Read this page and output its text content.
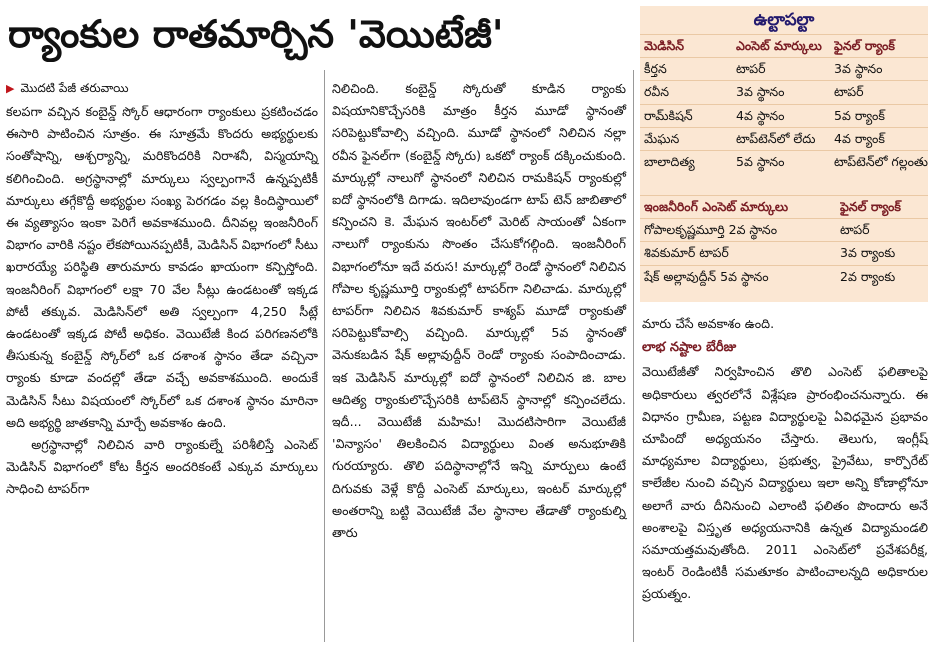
ర్యాంకుల రాతమార్చిన 'వెయిటేజీ'
▶ మొదటి పేజీ తరువాయి

కలపగా వచ్చిన కంబైన్డ్ స్కోర్ ఆధారంగా ర్యాంకులు ప్రకటించడం ఈసారి పాటించిన సూత్రం. ఈ సూత్రమే కొందరు అభ్యర్థులకు సంతోషాన్ని, ఆశ్చర్యాన్ని, మరికొందరికి నిరాశనీ, విస్మయాన్ని కలిగించింది. అగ్రస్థానాల్లో మార్కులు స్వల్పంగానే ఉన్నప్పటికీ మార్కులు తగ్గేకొద్దీ అభ్యర్థుల సంఖ్య పెరగడం వల్ల కిందిస్థాయిలో ఈ వ్యత్యాసం ఇంకా పెరిగే అవకాశముంది. దీనివల్ల ఇంజనీరింగ్ విభాగం వారికి నష్టం లేకపోయినప్పటికీ, మెడిసిన్ విభాగంలో సీటు ఖరారయ్యే పరిస్థితి తారుమారు కావడం ఖాయంగా కన్పిస్తోంది. ఇంజనీరింగ్ విభాగంలో లక్షా 70 వేల సీట్లు ఉండటంతో ఇక్కడ పోటీ తక్కువ. మెడిసిన్‌లో అతి స్వల్పంగా 4,250 సీట్లే ఉండటంతో ఇక్కడ పోటీ అధికం. వెయిటేజీ కింద పరిగణనలోకి తీసుకున్న కంబైన్డ్ స్కోర్‌లో ఒక దశాంశ స్థానం తేడా వచ్చినా ర్యాంకు కూడా వందల్లో తేడా వచ్చే అవకాశముంది. అందుకే మెడిసిన్ సీటు విషయంలో స్కోర్‌లో ఒక దశాంశ స్థానం మారినా అది అభ్యర్థి జాతకాన్ని మార్చే అవకాశం ఉంది.

అగ్రస్థానాల్లో నిలిచిన వారి ర్యాంకుల్నే పరిశీలిస్తే ఎంసెట్ మెడిసిన్ విభాగంలో కోట కీర్తన అందరికంటే ఎక్కువ మార్కులు సాధించి టాపర్‌గా

నిలిచింది. కంబైన్డ్ స్కోరుతో కూడిన ర్యాంకు విషయానికొచ్చేసరికి మాత్రం కీర్తన మూడో స్థానంతో సరిపెట్టుకోవాల్సి వచ్చింది. మూడో స్థానంలో నిలిచిన నల్లా రవీన ఫైనల్‌గా (కంబైన్డ్ స్కోరు) ఒకటో ర్యాంక్ దక్కించుకుంది. మార్కుల్లో నాలుగో స్థానంలో నిలిచిన రామకిషన్ ర్యాంకుల్లో ఐదో స్థానంలోకి దిగాడు. ఇదిలావుండగా టాప్ టెన్ జాబితాలో కన్పించని కె. మేఘన ఇంటర్‌లో మెరిట్ సాయంతో ఏకంగా నాలుగో ర్యాంకును సొంతం చేసుకోగల్గింది. ఇంజనీరింగ్ విభాగంలోనూ ఇదే వరుస! మార్కుల్లో రెండో స్థానంలో నిలిచిన గోపాల కృష్ణమూర్తి ర్యాంకుల్లో టాపర్‌గా నిలిచాడు. మార్కుల్లో టాపర్‌గా నిలిచిన శివకుమార్ కాశ్యప్ మూడో ర్యాంకుతో సరిపెట్టుకోవాల్సి వచ్చింది. మార్కుల్లో 5వ స్థానంతో వెనుకబడిన షేక్ అల్లావుద్దీన్ రెండో ర్యాంకు సంపాదించాడు. ఇక మెడిసిన్ మార్కుల్లో ఐదో స్థానంలో నిలిచిన జి. బాల ఆదిత్య ర్యాంకులొచ్చేసరికి టాప్‌టెన్ స్థానాల్లో కన్పించలేదు. ఇదీ... వెయిటేజీ మహిమ! మొదటిసారిగా వెయిటేజీ 'విన్యాసం' తిలకించిన విద్యార్థులు వింత అనుభూతికి గురయ్యారు. తొలి పదిస్థానాల్లోనే ఇన్ని మార్పులు ఉంటే దిగువకు వెళ్లే కొద్దీ ఎంసెట్ మార్కులు, ఇంటర్ మార్కుల్లో అంతరాన్ని బట్టి వెయిటేజీ వేల స్థానాల తేడాతో ర్యాంకుల్ని తారు

ఉల్టాపల్టా
మెడిసిన్	ఎంసెట్ మార్కులు ఫైనల్ ర్యాంక్
కీర్తన	టాపర్	3వ స్థానం
రవీన	3వ స్థానం	టాపర్
రామ్‌కిషన్	4వ స్థానం	5వ ర్యాంక్
మేఘన	టాప్‌టెన్‌లో లేదు	4వ ర్యాంక్
బాలాదిత్య	5వ స్థానం	టాప్‌టెన్‌లో గల్లంతు
ఇంజనీరింగ్ ఎంసెట్ మార్కులు	ఫైనల్ ర్యాంక్
గోపాలకృష్ణమూర్తి 2వ స్థానం	టాపర్
శివకుమార్ టాపర్	3వ ర్యాంకు
షేక్ అల్లావుద్దీన్ 5వ స్థానం	2వ ర్యాంకు

మారు చేసే అవకాశం ఉంది.

లాభ నష్టాల బేరీజు

వెయిటేజీతో నిర్వహించిన తొలి ఎంసెట్ ఫలితాలపై అధికారులు త్వరలోనే విశ్లేషణ ప్రారంభించనున్నారు. ఈ విధానం గ్రామీణ, పట్టణ విద్యార్థులపై ఏవిధమైన ప్రభావం చూపిందో అధ్యయనం చేస్తారు. తెలుగు, ఇంగ్లీష్ మాధ్యమాల విద్యార్థులు, ప్రభుత్వ, ప్రైవేటు, కార్పొరేట్ కాలేజీల నుంచి వచ్చిన విద్యార్థులు ఇలా అన్ని కోణాల్లోనూ అలాగే వారు దీనినుంచి ఎలాంటి ఫలితం పొందారు అనే అంశాలపై విస్తృత అధ్యయనానికి ఉన్నత విద్యామండలి సమాయత్తమవుతోంది. 2011 ఎంసెట్‌లో ప్రవేశపరీక్ష, ఇంటర్ రెండింటికీ సమతూకం పాటించాలన్నది అధికారుల ప్రయత్నం.
